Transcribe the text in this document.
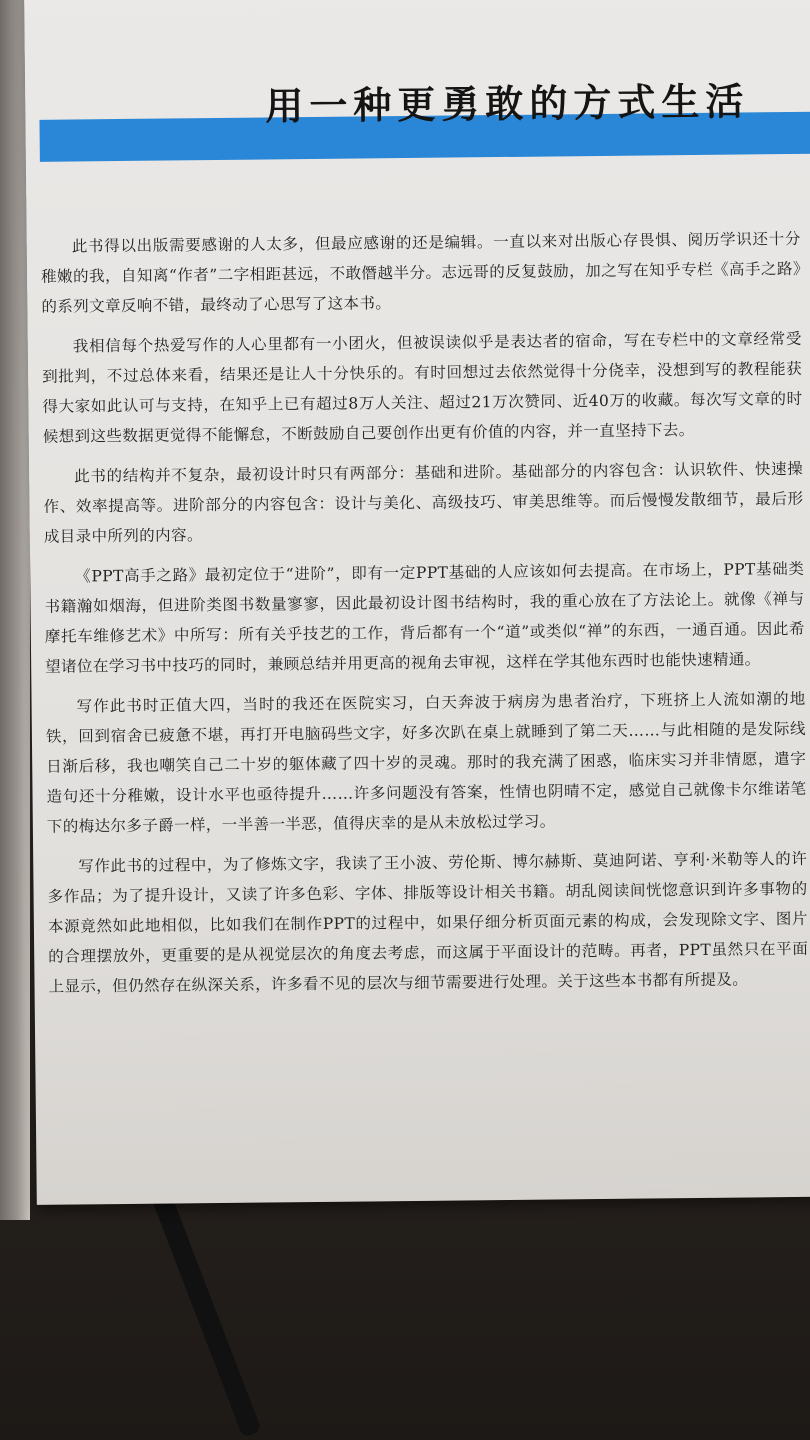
用一种更勇敢的方式生活

此书得以出版需要感谢的人太多，但最应感谢的还是编辑。一直以来对出版心存畏惧、阅历学识还十分稚嫩的我，自知离“作者”二字相距甚远，不敢僭越半分。志远哥的反复鼓励，加之写在知乎专栏《高手之路》的系列文章反响不错，最终动了心思写了这本书。

我相信每个热爱写作的人心里都有一小团火，但被误读似乎是表达者的宿命，写在专栏中的文章经常受到批判，不过总体来看，结果还是让人十分快乐的。有时回想过去依然觉得十分侥幸，没想到写的教程能获得大家如此认可与支持，在知乎上已有超过8万人关注、超过21万次赞同、近40万的收藏。每次写文章的时候想到这些数据更觉得不能懈怠，不断鼓励自己要创作出更有价值的内容，并一直坚持下去。

此书的结构并不复杂，最初设计时只有两部分：基础和进阶。基础部分的内容包含：认识软件、快速操作、效率提高等。进阶部分的内容包含：设计与美化、高级技巧、审美思维等。而后慢慢发散细节，最后形成目录中所列的内容。

《PPT高手之路》最初定位于“进阶”，即有一定PPT基础的人应该如何去提高。在市场上，PPT基础类书籍瀚如烟海，但进阶类图书数量寥寥，因此最初设计图书结构时，我的重心放在了方法论上。就像《禅与摩托车维修艺术》中所写：所有关乎技艺的工作，背后都有一个“道”或类似“禅”的东西，一通百通。因此希望诸位在学习书中技巧的同时，兼顾总结并用更高的视角去审视，这样在学其他东西时也能快速精通。

写作此书时正值大四，当时的我还在医院实习，白天奔波于病房为患者治疗，下班挤上人流如潮的地铁，回到宿舍已疲惫不堪，再打开电脑码些文字，好多次趴在桌上就睡到了第二天……与此相随的是发际线日渐后移，我也嘲笑自己二十岁的躯体藏了四十岁的灵魂。那时的我充满了困惑，临床实习并非情愿，遣字造句还十分稚嫩，设计水平也亟待提升……许多问题没有答案，性情也阴晴不定，感觉自己就像卡尔维诺笔下的梅达尔多子爵一样，一半善一半恶，值得庆幸的是从未放松过学习。

写作此书的过程中，为了修炼文字，我读了王小波、劳伦斯、博尔赫斯、莫迪阿诺、亨利·米勒等人的许多作品；为了提升设计，又读了许多色彩、字体、排版等设计相关书籍。胡乱阅读间恍惚意识到许多事物的本源竟然如此地相似，比如我们在制作PPT的过程中，如果仔细分析页面元素的构成，会发现除文字、图片的合理摆放外，更重要的是从视觉层次的角度去考虑，而这属于平面设计的范畴。再者，PPT虽然只在平面上显示，但仍然存在纵深关系，许多看不见的层次与细节需要进行处理。关于这些本书都有所提及。
